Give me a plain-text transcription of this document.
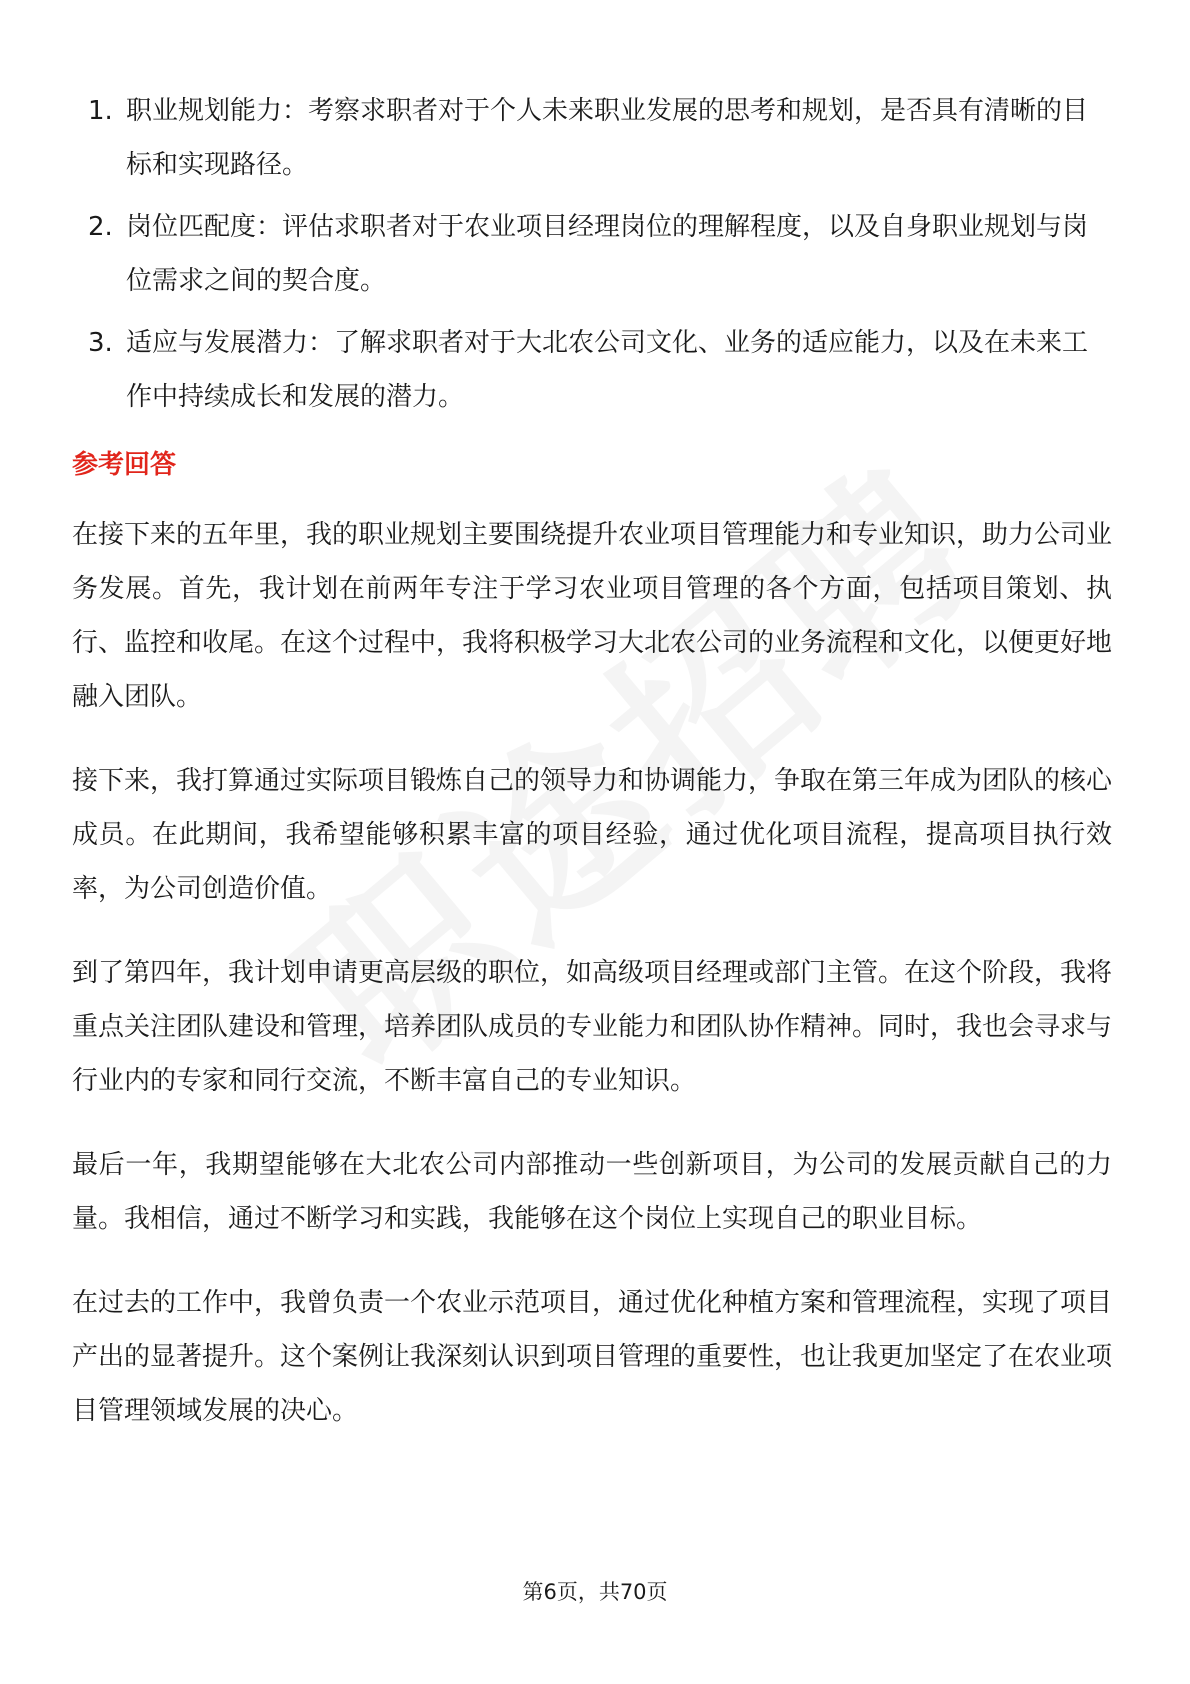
1. 职业规划能力：考察求职者对于个人未来职业发展的思考和规划，是否具有清晰的目标和实现路径。
2. 岗位匹配度：评估求职者对于农业项目经理岗位的理解程度，以及自身职业规划与岗位需求之间的契合度。
3. 适应与发展潜力：了解求职者对于大北农公司文化、业务的适应能力，以及在未来工作中持续成长和发展的潜力。
参考回答

在接下来的五年里，我的职业规划主要围绕提升农业项目管理能力和专业知识，助力公司业务发展。首先，我计划在前两年专注于学习农业项目管理的各个方面，包括项目策划、执行、监控和收尾。在这个过程中，我将积极学习大北农公司的业务流程和文化，以便更好地融入团队。

接下来，我打算通过实际项目锻炼自己的领导力和协调能力，争取在第三年成为团队的核心成员。在此期间，我希望能够积累丰富的项目经验，通过优化项目流程，提高项目执行效率，为公司创造价值。

到了第四年，我计划申请更高层级的职位，如高级项目经理或部门主管。在这个阶段，我将重点关注团队建设和管理，培养团队成员的专业能力和团队协作精神。同时，我也会寻求与行业内的专家和同行交流，不断丰富自己的专业知识。

最后一年，我期望能够在大北农公司内部推动一些创新项目，为公司的发展贡献自己的力量。我相信，通过不断学习和实践，我能够在这个岗位上实现自己的职业目标。

在过去的工作中，我曾负责一个农业示范项目，通过优化种植方案和管理流程，实现了项目产出的显著提升。这个案例让我深刻认识到项目管理的重要性，也让我更加坚定了在农业项目管理领域发展的决心。

第6页，共70页
